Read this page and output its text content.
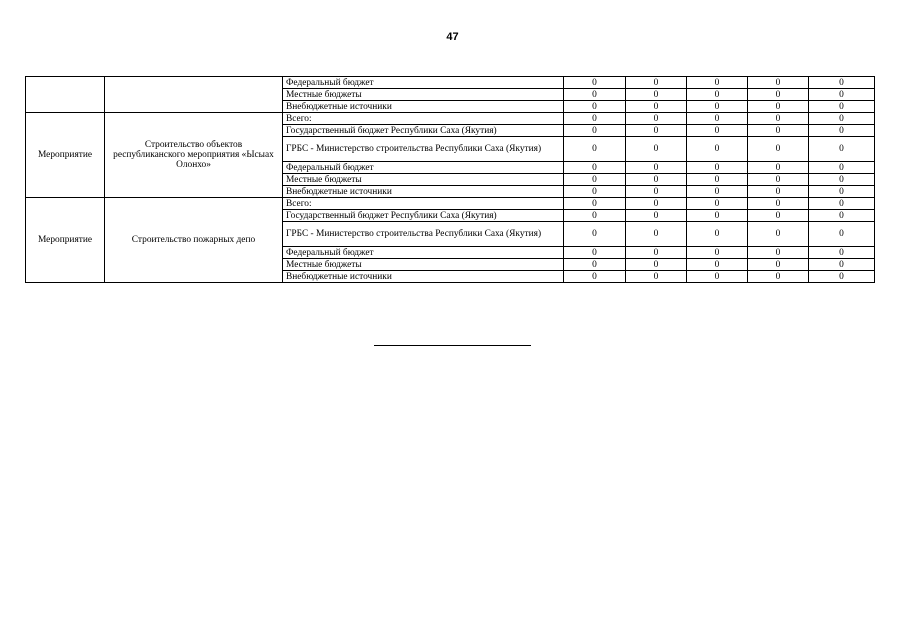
47
		Федеральный бюджет	0	0	0	0	0
		Местные бюджеты	0	0	0	0	0
		Внебюджетные источники	0	0	0	0	0
Мероприятие	Строительство объектов республиканского мероприятия «Ысыах Олонхо»	Всего:	0	0	0	0	0
		Государственный бюджет Республики Саха (Якутия)	0	0	0	0	0
		ГРБС - Министерство строительства Республики Саха (Якутия)	0	0	0	0	0
		Федеральный бюджет	0	0	0	0	0
		Местные бюджеты	0	0	0	0	0
		Внебюджетные источники	0	0	0	0	0
Мероприятие	Строительство пожарных депо	Всего:	0	0	0	0	0
		Государственный бюджет Республики Саха (Якутия)	0	0	0	0	0
		ГРБС - Министерство строительства Республики Саха (Якутия)	0	0	0	0	0
		Федеральный бюджет	0	0	0	0	0
		Местные бюджеты	0	0	0	0	0
		Внебюджетные источники	0	0	0	0	0
